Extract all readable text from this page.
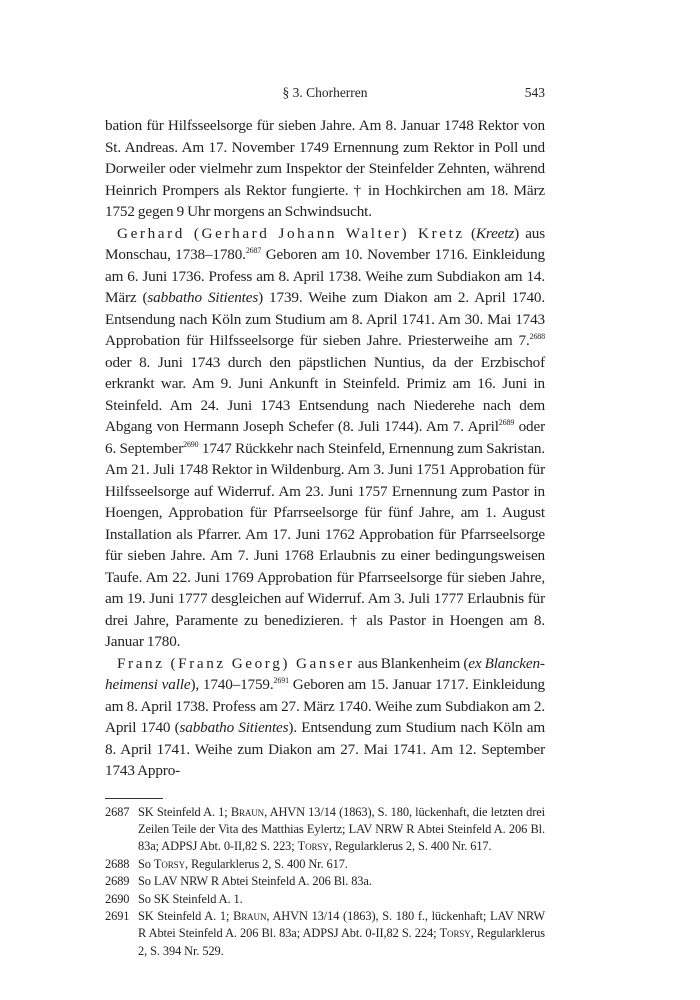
§ 3. Chorherren	543

bation für Hilfsseelsorge für sieben Jahre. Am 8. Januar 1748 Rektor von St. Andreas. Am 17. November 1749 Ernennung zum Rektor in Poll und Dorweiler oder vielmehr zum Inspektor der Steinfelder Zehnten, während Heinrich Prompers als Rektor fungierte. † in Hochkirchen am 18. März 1752 gegen 9 Uhr morgens an Schwindsucht.

Gerhard (Gerhard Johann Walter) Kretz (Kreetz) aus Monschau, 1738–1780.$^{2687}$ Geboren am 10. November 1716. Einkleidung am 6. Juni 1736. Profess am 8. April 1738. Weihe zum Subdiakon am 14. März (sabbatho Sitientes) 1739. Weihe zum Diakon am 2. April 1740. Entsendung nach Köln zum Studium am 8. April 1741. Am 30. Mai 1743 Approbation für Hilfsseelsorge für sieben Jahre. Priesterweihe am 7.$^{2688}$ oder 8. Juni 1743 durch den päpstlichen Nuntius, da der Erzbischof erkrankt war. Am 9. Juni Ankunft in Steinfeld. Primiz am 16. Juni in Steinfeld. Am 24. Juni 1743 Entsendung nach Niederehe nach dem Abgang von Hermann Joseph Schefer (8. Juli 1744). Am 7. April$^{2689}$ oder 6. September$^{2690}$ 1747 Rückkehr nach Steinfeld, Ernennung zum Sakristan. Am 21. Juli 1748 Rektor in Wildenburg. Am 3. Juni 1751 Approbation für Hilfsseelsorge auf Widerruf. Am 23. Juni 1757 Ernennung zum Pastor in Hoengen, Approbation für Pfarrseelsorge für fünf Jahre, am 1. August Installation als Pfarrer. Am 17. Juni 1762 Approbation für Pfarrseelsorge für sieben Jahre. Am 7. Juni 1768 Erlaubnis zu einer bedingungsweisen Taufe. Am 22. Juni 1769 Approbation für Pfarrseelsorge für sieben Jahre, am 19. Juni 1777 desgleichen auf Widerruf. Am 3. Juli 1777 Erlaubnis für drei Jahre, Paramente zu benedizieren. † als Pastor in Hoengen am 8. Januar 1780.

Franz (Franz Georg) Ganser aus Blankenheim (ex Blanckenheimensi valle), 1740–1759.$^{2691}$ Geboren am 15. Januar 1717. Einkleidung am 8. April 1738. Profess am 27. März 1740. Weihe zum Subdiakon am 2. April 1740 (sabbatho Sitientes). Entsendung zum Studium nach Köln am 8. April 1741. Weihe zum Diakon am 27. Mai 1741. Am 12. September 1743 Appro-

2687 SK Steinfeld A. 1; Braun, AHVN 13/14 (1863), S. 180, lückenhaft, die letzten drei Zeilen Teile der Vita des Matthias Eylertz; LAV NRW R Abtei Steinfeld A. 206 Bl. 83a; ADPSJ Abt. 0-II,82 S. 223; Torsy, Regularklerus 2, S. 400 Nr. 617.
2688 So Torsy, Regularklerus 2, S. 400 Nr. 617.
2689 So LAV NRW R Abtei Steinfeld A. 206 Bl. 83a.
2690 So SK Steinfeld A. 1.
2691 SK Steinfeld A. 1; Braun, AHVN 13/14 (1863), S. 180 f., lückenhaft; LAV NRW R Abtei Steinfeld A. 206 Bl. 83a; ADPSJ Abt. 0-II,82 S. 224; Torsy, Regularklerus 2, S. 394 Nr. 529.
